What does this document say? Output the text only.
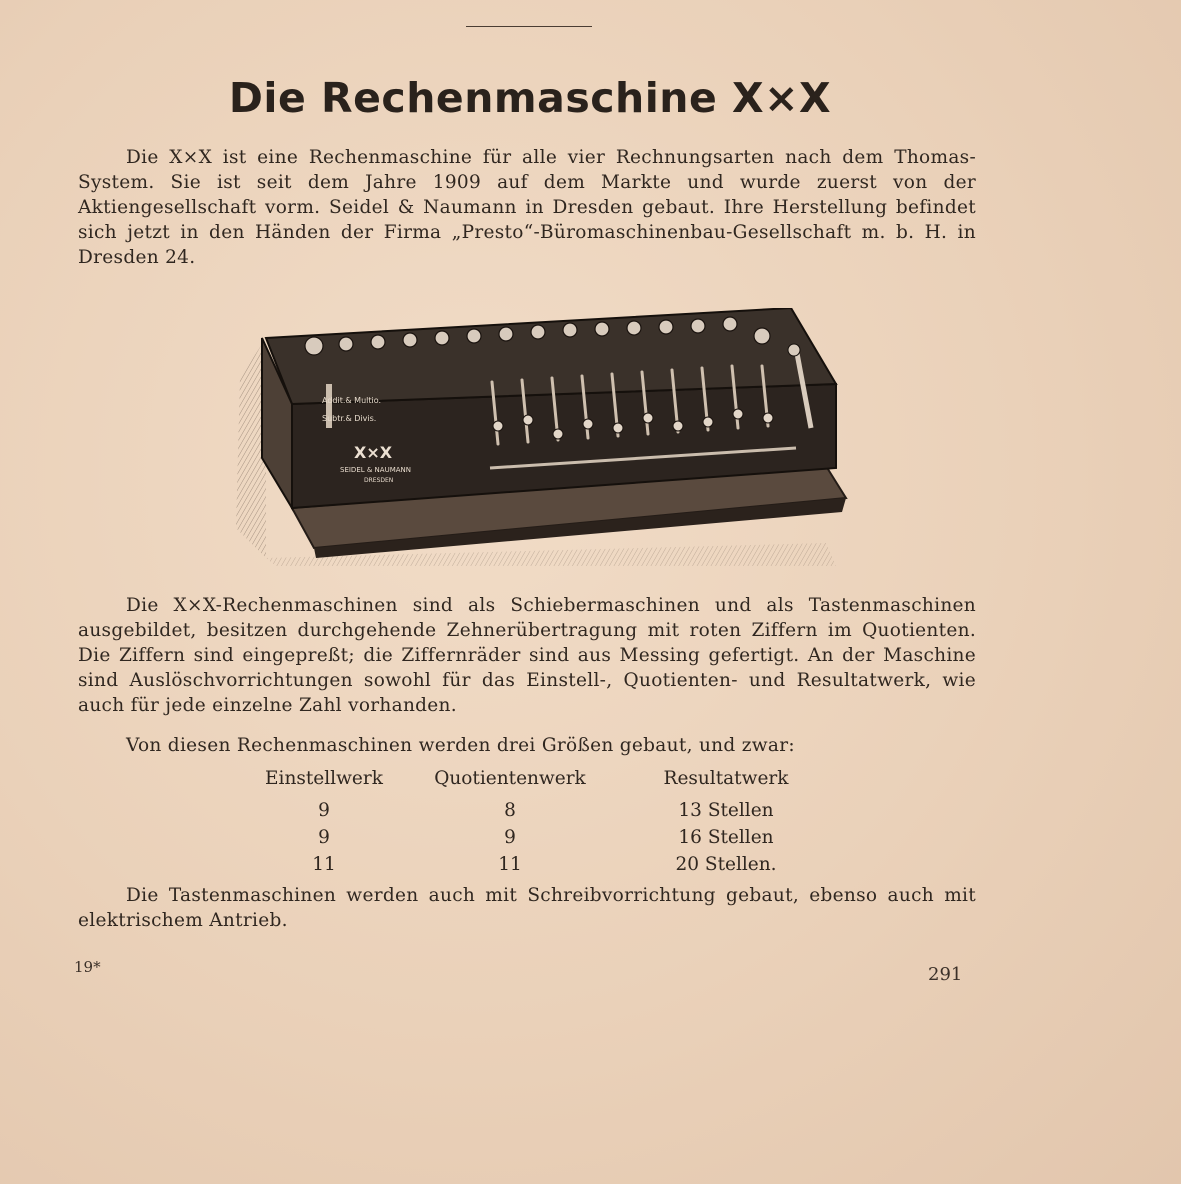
Die Rechenmaschine X×X

Die X×X ist eine Rechenmaschine für alle vier Rechnungsarten nach dem Thomas-System. Sie ist seit dem Jahre 1909 auf dem Markte und wurde zuerst von der Aktiengesellschaft vorm. Seidel & Naumann in Dresden gebaut. Ihre Herstellung befindet sich jetzt in den Händen der Firma „Presto“-Büromaschinenbau-Gesellschaft m. b. H. in Dresden 24.

Addit.& Multio.
Subtr.& Divis.
X×X
SEIDEL & NAUMANN
DRESDEN

Die X×X-Rechenmaschinen sind als Schiebermaschinen und als Tastenmaschinen ausgebildet, besitzen durchgehende Zehnerübertragung mit roten Ziffern im Quotienten. Die Ziffern sind eingepreßt; die Ziffernräder sind aus Messing gefertigt. An der Maschine sind Auslöschvorrichtungen sowohl für das Einstell-, Quotienten- und Resultatwerk, wie auch für jede einzelne Zahl vorhanden.

Von diesen Rechenmaschinen werden drei Größen gebaut, und zwar:

Einstellwerk	Quotientenwerk	Resultatwerk
9	8	13 Stellen
9	9	16 Stellen
11	11	20 Stellen.

Die Tastenmaschinen werden auch mit Schreibvorrichtung gebaut, ebenso auch mit elektrischem Antrieb.

19*	291
